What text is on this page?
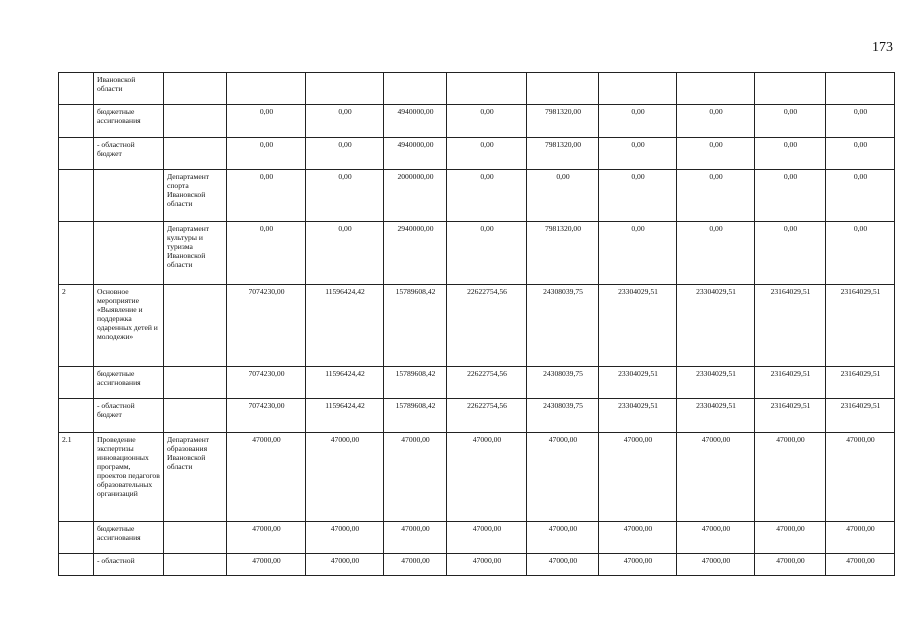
173
	Ивановской области										
	бюджетные ассигнования		0,00	0,00	4940000,00	0,00	7981320,00	0,00	0,00	0,00	0,00
	- областной бюджет		0,00	0,00	4940000,00	0,00	7981320,00	0,00	0,00	0,00	0,00
		Департамент спорта Ивановской области	0,00	0,00	2000000,00	0,00	0,00	0,00	0,00	0,00	0,00
		Департамент культуры и туризма Ивановской области	0,00	0,00	2940000,00	0,00	7981320,00	0,00	0,00	0,00	0,00
2	Основное мероприятие «Выявление и поддержка одаренных детей и молодежи»		7074230,00	11596424,42	15789608,42	22622754,56	24308039,75	23304029,51	23304029,51	23164029,51	23164029,51
	бюджетные ассигнования		7074230,00	11596424,42	15789608,42	22622754,56	24308039,75	23304029,51	23304029,51	23164029,51	23164029,51
	- областной бюджет		7074230,00	11596424,42	15789608,42	22622754,56	24308039,75	23304029,51	23304029,51	23164029,51	23164029,51
2.1	Проведение экспертизы инновационных программ, проектов педагогов образовательных организаций	Департамент образования Ивановской области	47000,00	47000,00	47000,00	47000,00	47000,00	47000,00	47000,00	47000,00	47000,00
	бюджетные ассигнования		47000,00	47000,00	47000,00	47000,00	47000,00	47000,00	47000,00	47000,00	47000,00
	- областной		47000,00	47000,00	47000,00	47000,00	47000,00	47000,00	47000,00	47000,00	47000,00
